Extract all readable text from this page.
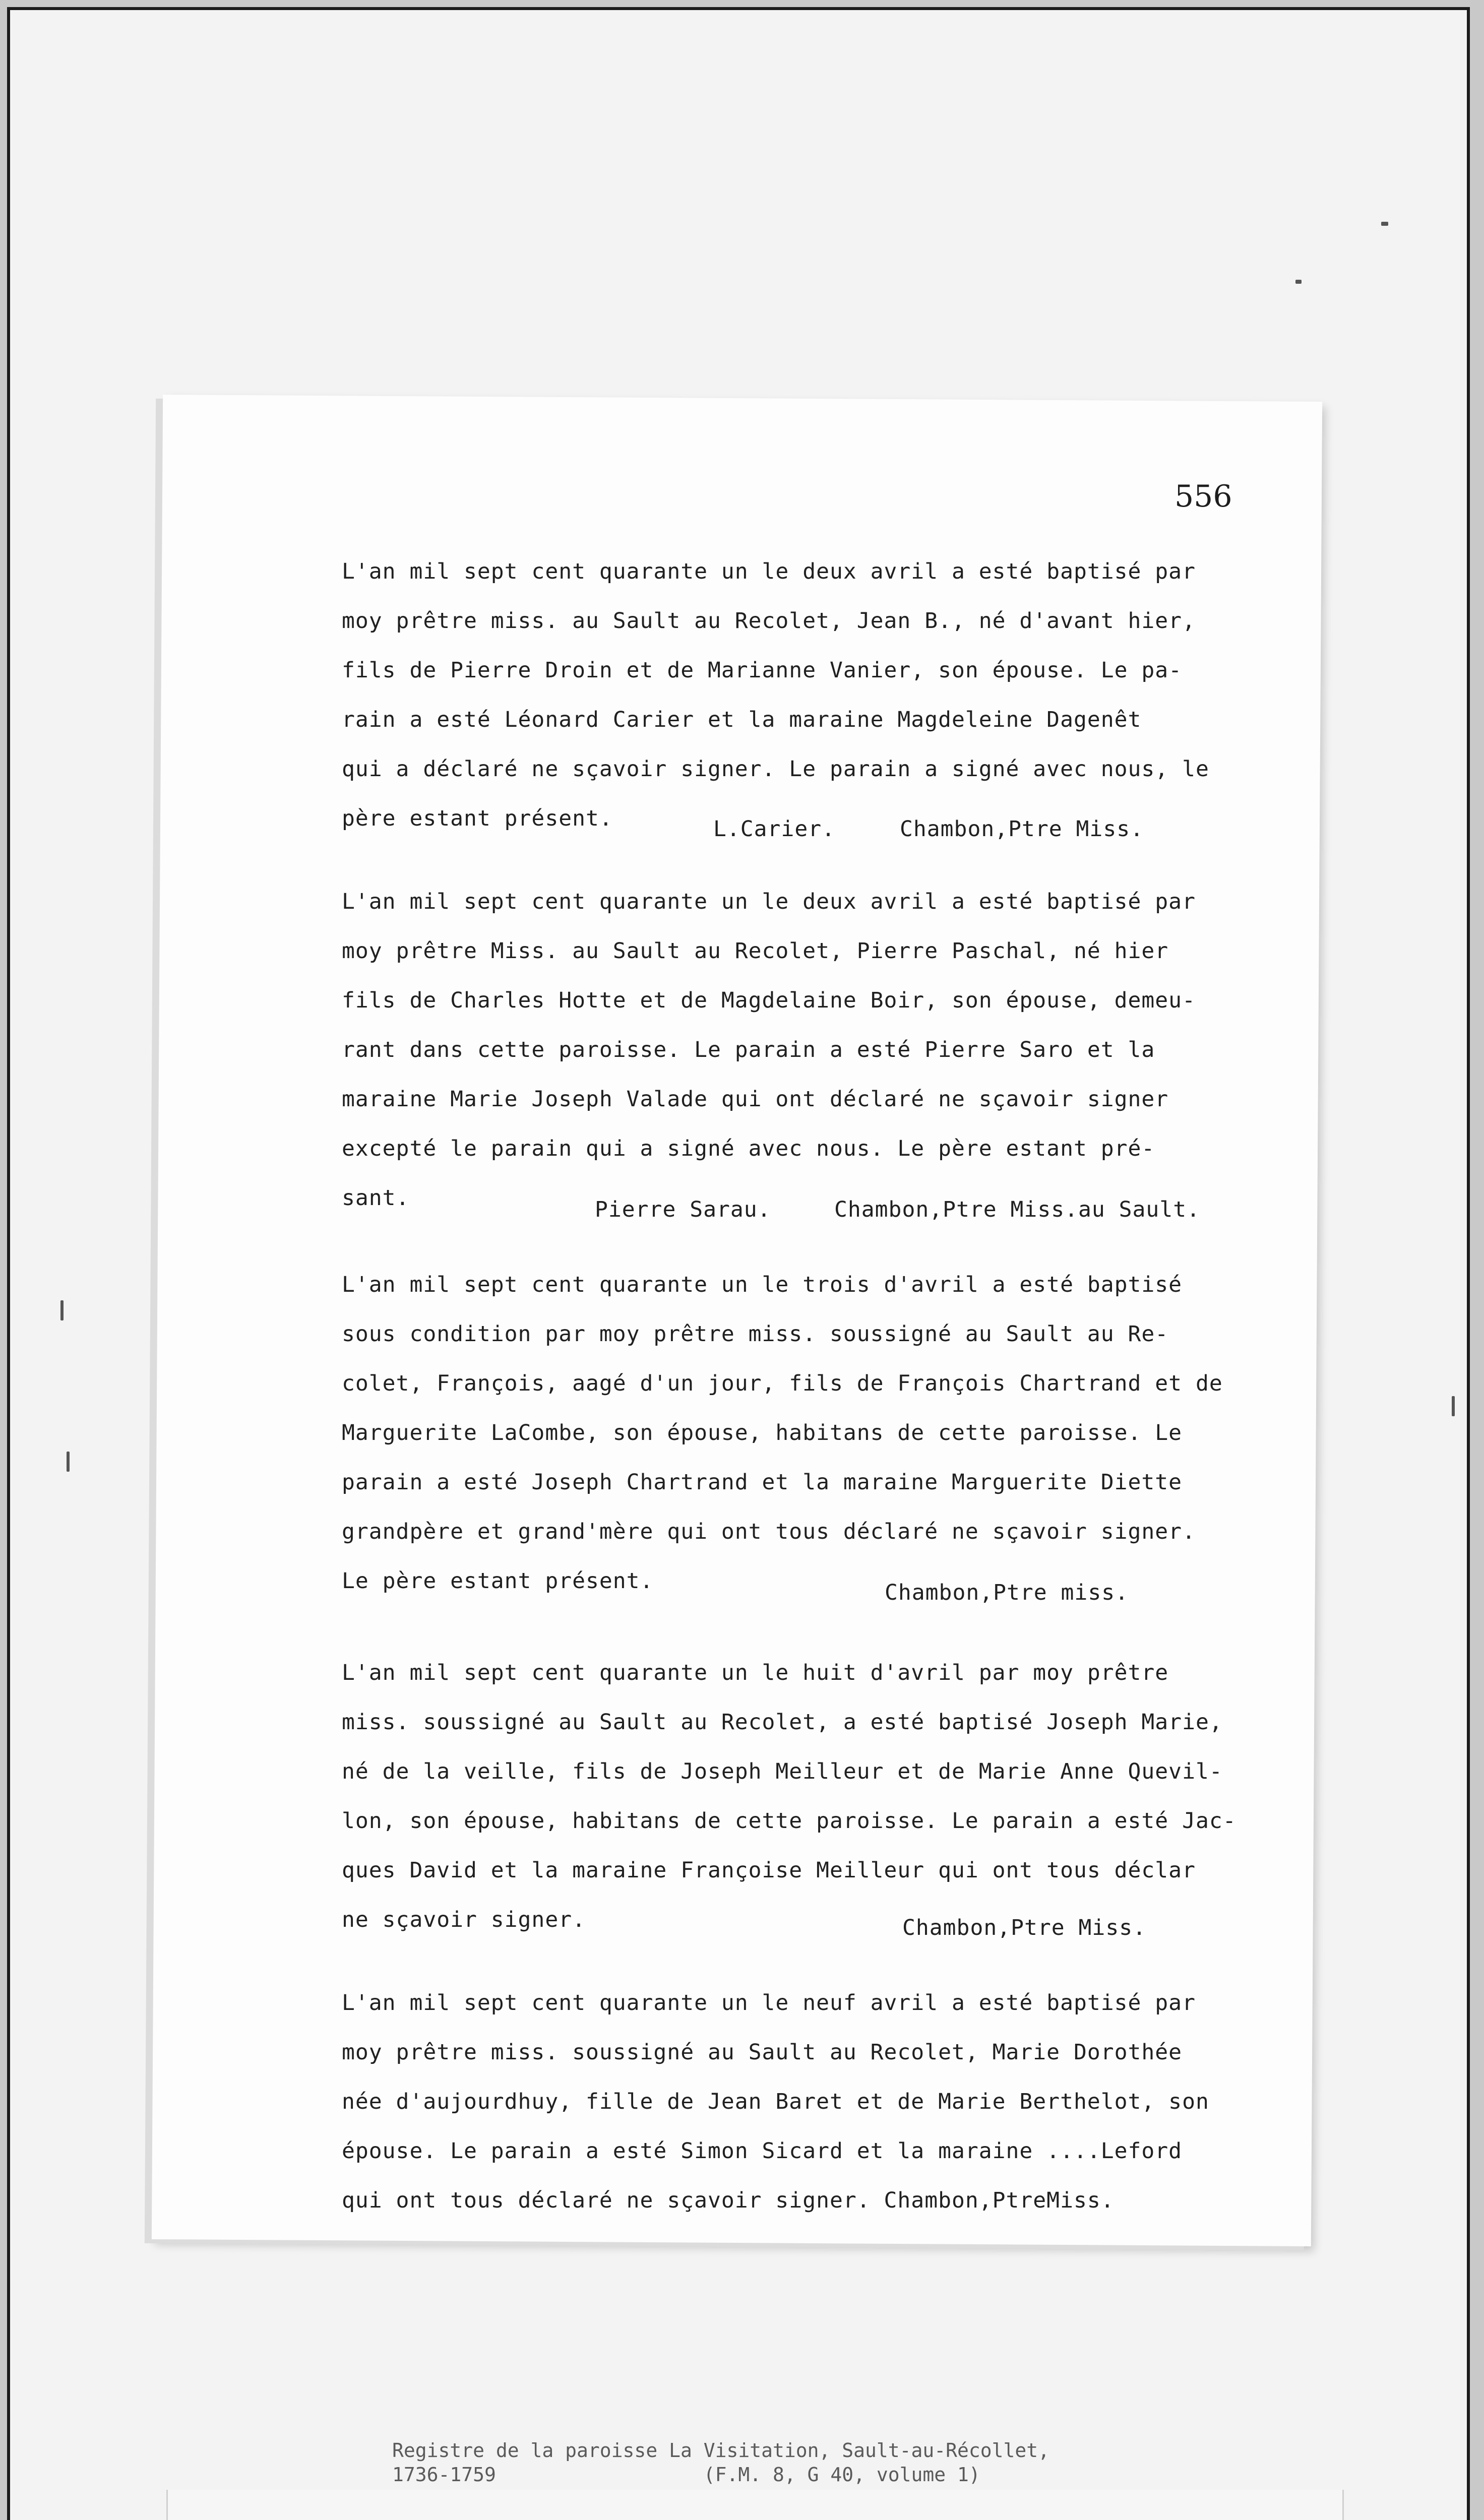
556

L'an mil sept cent quarante un le deux avril a esté baptisé par

moy prêtre miss. au Sault au Recolet, Jean B., né d'avant hier,

fils de Pierre Droin et de Marianne Vanier, son épouse. Le pa-

rain a esté Léonard Carier et la maraine Magdeleine Dagenêt

qui a déclaré ne sçavoir signer. Le parain a signé avec nous, le

père estant présent.	L.Carier.	Chambon,Ptre Miss.

L'an mil sept cent quarante un le deux avril a esté baptisé par

moy prêtre Miss. au Sault au Recolet, Pierre Paschal, né hier

fils de Charles Hotte et de Magdelaine Boir, son épouse, demeu-

rant dans cette paroisse. Le parain a esté Pierre Saro et la

maraine Marie Joseph Valade qui ont déclaré ne sçavoir signer

excepté le parain qui a signé avec nous. Le père estant pré-

sant.	Pierre Sarau.	Chambon,Ptre Miss.au Sault.

L'an mil sept cent quarante un le trois d'avril a esté baptisé

sous condition par moy prêtre miss. soussigné au Sault au Re-

colet, François, aagé d'un jour, fils de François Chartrand et de

Marguerite LaCombe, son épouse, habitans de cette paroisse. Le

parain a esté Joseph Chartrand et la maraine Marguerite Diette

grandpère et grand'mère qui ont tous déclaré ne sçavoir signer.

Le père estant présent.	Chambon,Ptre miss.

L'an mil sept cent quarante un le huit d'avril par moy prêtre

miss. soussigné au Sault au Recolet, a esté baptisé Joseph Marie,

né de la veille, fils de Joseph Meilleur et de Marie Anne Quevil-

lon, son épouse, habitans de cette paroisse. Le parain a esté Jac-

ques David et la maraine Françoise Meilleur qui ont tous déclar

ne sçavoir signer.	Chambon,Ptre Miss.

L'an mil sept cent quarante un le neuf avril a esté baptisé par

moy prêtre miss. soussigné au Sault au Recolet, Marie Dorothée

née d'aujourdhuy, fille de Jean Baret et de Marie Berthelot, son

épouse. Le parain a esté Simon Sicard et la maraine ....Leford

qui ont tous déclaré ne sçavoir signer. Chambon,PtreMiss.

Registre de la paroisse La Visitation, Sault-au-Récollet,
1736-1759                  (F.M. 8, G 40, volume 1)
